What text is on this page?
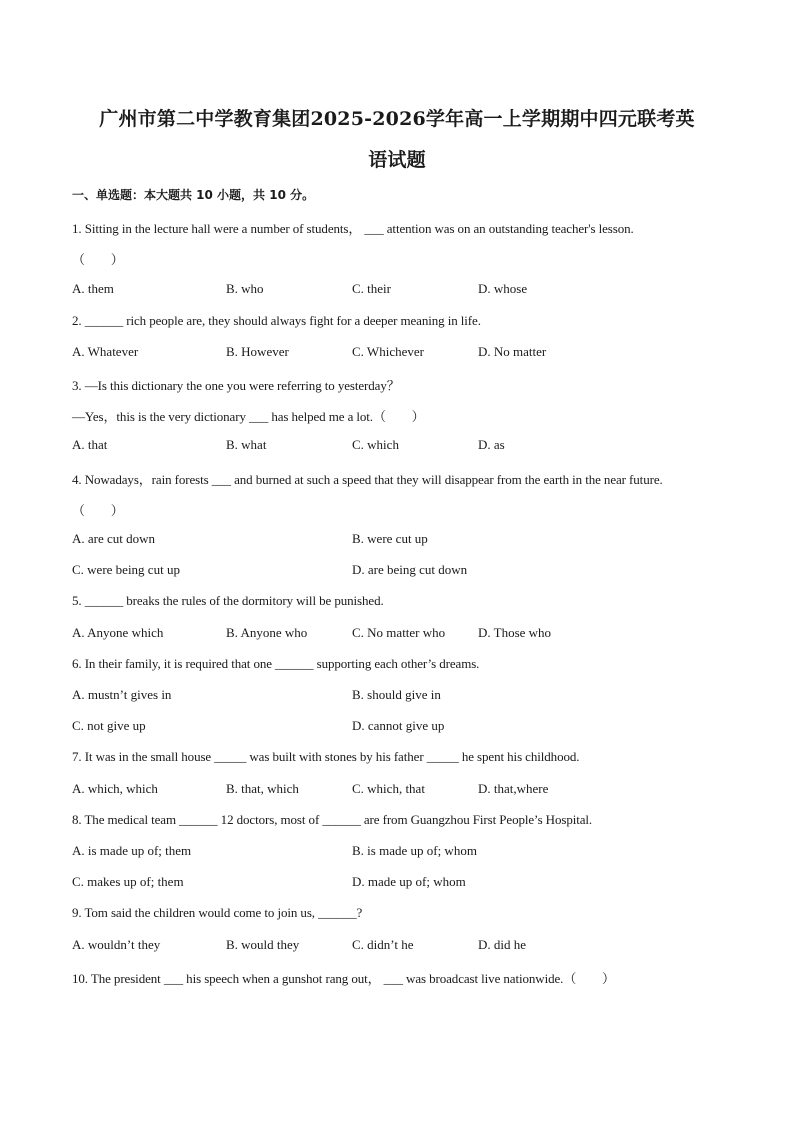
广州市第二中学教育集团2025-2026学年高一上学期期中四元联考英
语试题
一、单选题：本大题共 10 小题，共 10 分。
1. Sitting in the lecture hall were a number of students， ___ attention was on an outstanding teacher's lesson.
（　　）
A. them	B. who	C. their	D. whose
2. ______ rich people are, they should always fight for a deeper meaning in life.
A. Whatever	B. However	C. Whichever	D. No matter
3. —Is this dictionary the one you were referring to yesterday？
—Yes，this is the very dictionary ___ has helped me a lot.（　　）
A. that	B. what	C. which	D. as
4. Nowadays，rain forests ___ and burned at such a speed that they will disappear from the earth in the near future.
（　　）
A. are cut down	B. were cut up
C. were being cut up	D. are being cut down
5. ______ breaks the rules of the dormitory will be punished.
A. Anyone which	B. Anyone who	C. No matter who	D. Those who
6. In their family, it is required that one ______ supporting each other’s dreams.
A. mustn’t gives in	B. should give in
C. not give up	D. cannot give up
7. It was in the small house _____ was built with stones by his father _____ he spent his childhood.
A. which, which	B. that, which	C. which, that	D. that,where
8. The medical team ______ 12 doctors, most of ______ are from Guangzhou First People’s Hospital.
A. is made up of; them	B. is made up of; whom
C. makes up of; them	D. made up of; whom
9. Tom said the children would come to join us, ______?
A. wouldn’t they	B. would they	C. didn’t he	D. did he
10. The president ___ his speech when a gunshot rang out， ___ was broadcast live nationwide.（　　）
